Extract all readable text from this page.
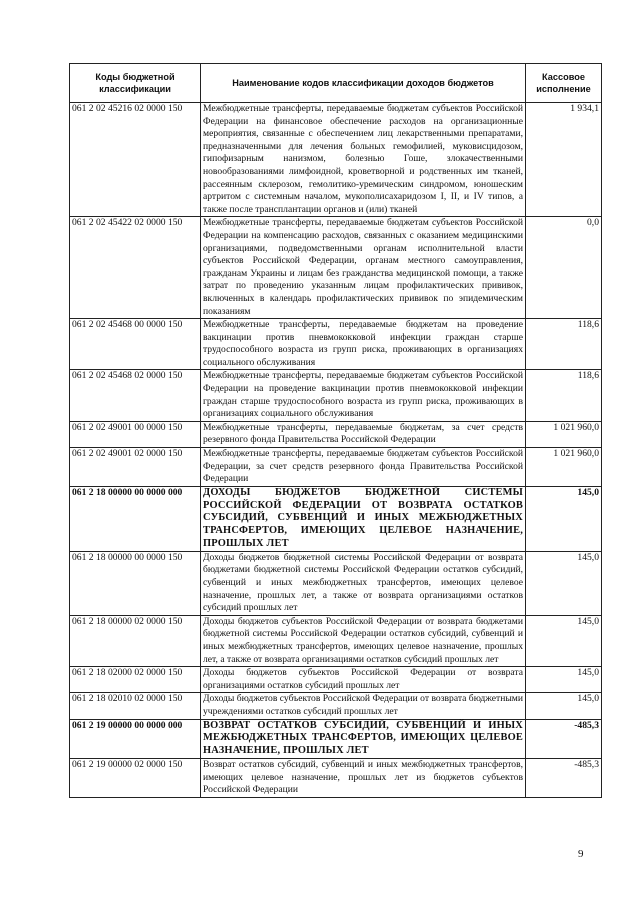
Коды бюджетной классификации	Наименование кодов классификации доходов бюджетов	Кассовое исполнение
061 2 02 45216 02 0000 150	Межбюджетные трансферты, передаваемые бюджетам субъектов Российской Федерации на финансовое обеспечение расходов на организационные мероприятия, связанные с обеспечением лиц лекарственными препаратами, предназначенными для лечения больных гемофилией, муковисцидозом, гипофизарным нанизмом, болезнью Гоше, злокачественными новообразованиями лимфоидной, кроветворной и родственных им тканей, рассеянным склерозом, гемолитико-уремическим синдромом, юношеским артритом с системным началом, мукополисахаридозом I, II, и IV типов, а также после трансплантации органов и (или) тканей	1 934,1
061 2 02 45422 02 0000 150	Межбюджетные трансферты, передаваемые бюджетам субъектов Российской Федерации на компенсацию расходов, связанных с оказанием медицинскими организациями, подведомственными органам исполнительной власти субъектов Российской Федерации, органам местного самоуправления, гражданам Украины и лицам без гражданства медицинской помощи, а также затрат по проведению указанным лицам профилактических прививок, включенных в календарь профилактических прививок по эпидемическим показаниям	0,0
061 2 02 45468 00 0000 150	Межбюджетные трансферты, передаваемые бюджетам на проведение вакцинации против пневмококковой инфекции граждан старше трудоспособного возраста из групп риска, проживающих в организациях социального обслуживания	118,6
061 2 02 45468 02 0000 150	Межбюджетные трансферты, передаваемые бюджетам субъектов Российской Федерации на проведение вакцинации против пневмококковой инфекции граждан старше трудоспособного возраста из групп риска, проживающих в организациях социального обслуживания	118,6
061 2 02 49001 00 0000 150	Межбюджетные трансферты, передаваемые бюджетам, за счет средств резервного фонда Правительства Российской Федерации	1 021 960,0
061 2 02 49001 02 0000 150	Межбюджетные трансферты, передаваемые бюджетам субъектов Российской Федерации, за счет средств резервного фонда Правительства Российской Федерации	1 021 960,0
061 2 18 00000 00 0000 000	ДОХОДЫ БЮДЖЕТОВ БЮДЖЕТНОЙ СИСТЕМЫ РОССИЙСКОЙ ФЕДЕРАЦИИ ОТ ВОЗВРАТА ОСТАТКОВ СУБСИДИЙ, СУБВЕНЦИЙ И ИНЫХ МЕЖБЮДЖЕТНЫХ ТРАНСФЕРТОВ, ИМЕЮЩИХ ЦЕЛЕВОЕ НАЗНАЧЕНИЕ, ПРОШЛЫХ ЛЕТ	145,0
061 2 18 00000 00 0000 150	Доходы бюджетов бюджетной системы Российской Федерации от возврата бюджетами бюджетной системы Российской Федерации остатков субсидий, субвенций и иных межбюджетных трансфертов, имеющих целевое назначение, прошлых лет, а также от возврата организациями остатков субсидий прошлых лет	145,0
061 2 18 00000 02 0000 150	Доходы бюджетов субъектов Российской Федерации от возврата бюджетами бюджетной системы Российской Федерации остатков субсидий, субвенций и иных межбюджетных трансфертов, имеющих целевое назначение, прошлых лет, а также от возврата организациями остатков субсидий прошлых лет	145,0
061 2 18 02000 02 0000 150	Доходы бюджетов субъектов Российской Федерации от возврата организациями остатков субсидий прошлых лет	145,0
061 2 18 02010 02 0000 150	Доходы бюджетов субъектов Российской Федерации от возврата бюджетными учреждениями остатков субсидий прошлых лет	145,0
061 2 19 00000 00 0000 000	ВОЗВРАТ ОСТАТКОВ СУБСИДИЙ, СУБВЕНЦИЙ И ИНЫХ МЕЖБЮДЖЕТНЫХ ТРАНСФЕРТОВ, ИМЕЮЩИХ ЦЕЛЕВОЕ НАЗНАЧЕНИЕ, ПРОШЛЫХ ЛЕТ	-485,3
061 2 19 00000 02 0000 150	Возврат остатков субсидий, субвенций и иных межбюджетных трансфертов, имеющих целевое назначение, прошлых лет из бюджетов субъектов Российской Федерации	-485,3
9
